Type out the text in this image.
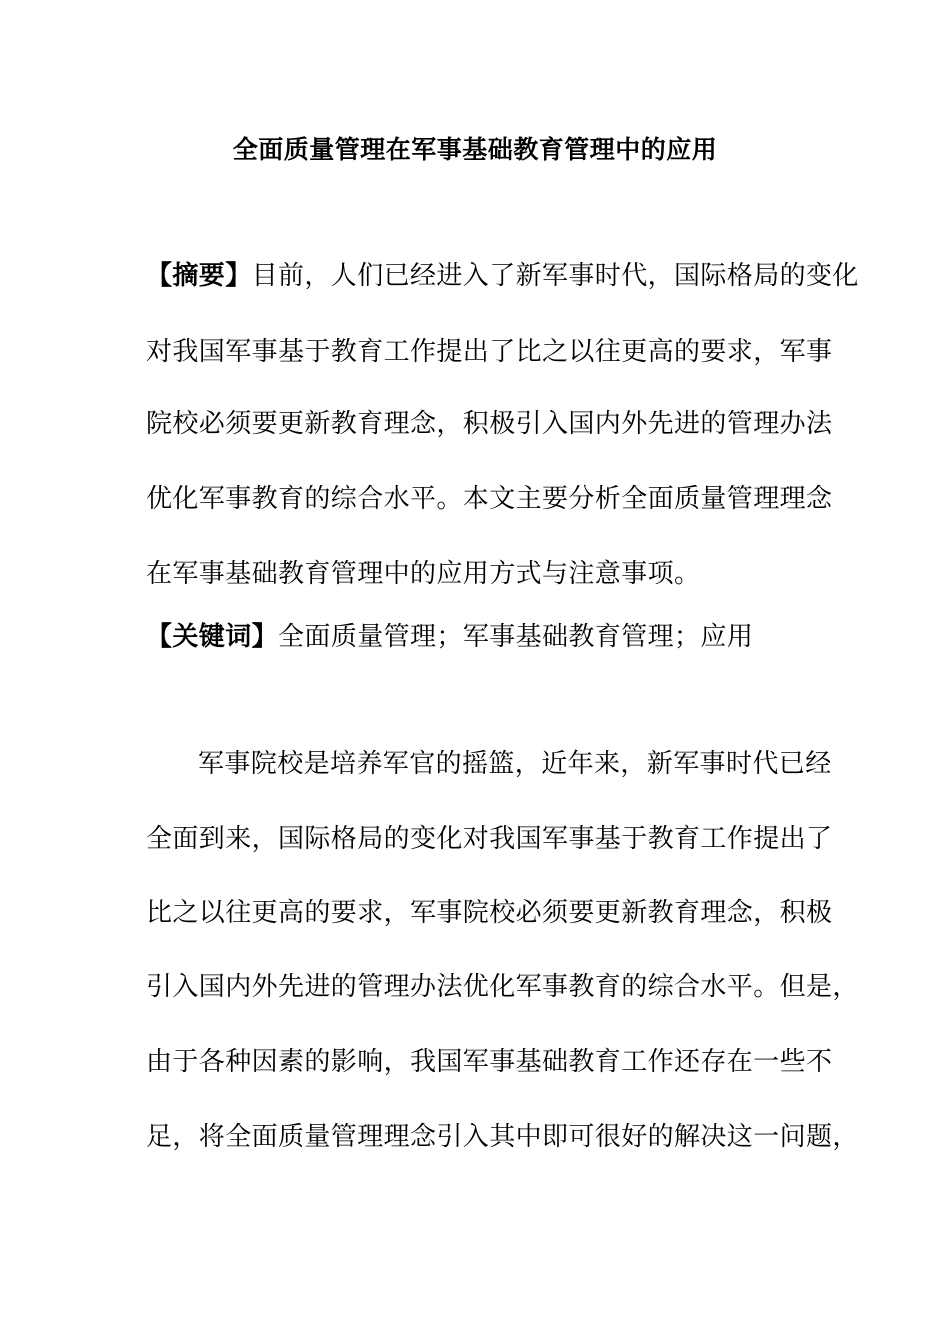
全面质量管理在军事基础教育管理中的应用
【摘要】目前，人们已经进入了新军事时代，国际格局的变化
对我国军事基于教育工作提出了比之以往更高的要求，军事
院校必须要更新教育理念，积极引入国内外先进的管理办法
优化军事教育的综合水平。本文主要分析全面质量管理理念
在军事基础教育管理中的应用方式与注意事项。
【关键词】全面质量管理；军事基础教育管理；应用
军事院校是培养军官的摇篮，近年来，新军事时代已经
全面到来，国际格局的变化对我国军事基于教育工作提出了
比之以往更高的要求，军事院校必须要更新教育理念，积极
引入国内外先进的管理办法优化军事教育的综合水平。但是，
由于各种因素的影响，我国军事基础教育工作还存在一些不
足，将全面质量管理理念引入其中即可很好的解决这一问题，
